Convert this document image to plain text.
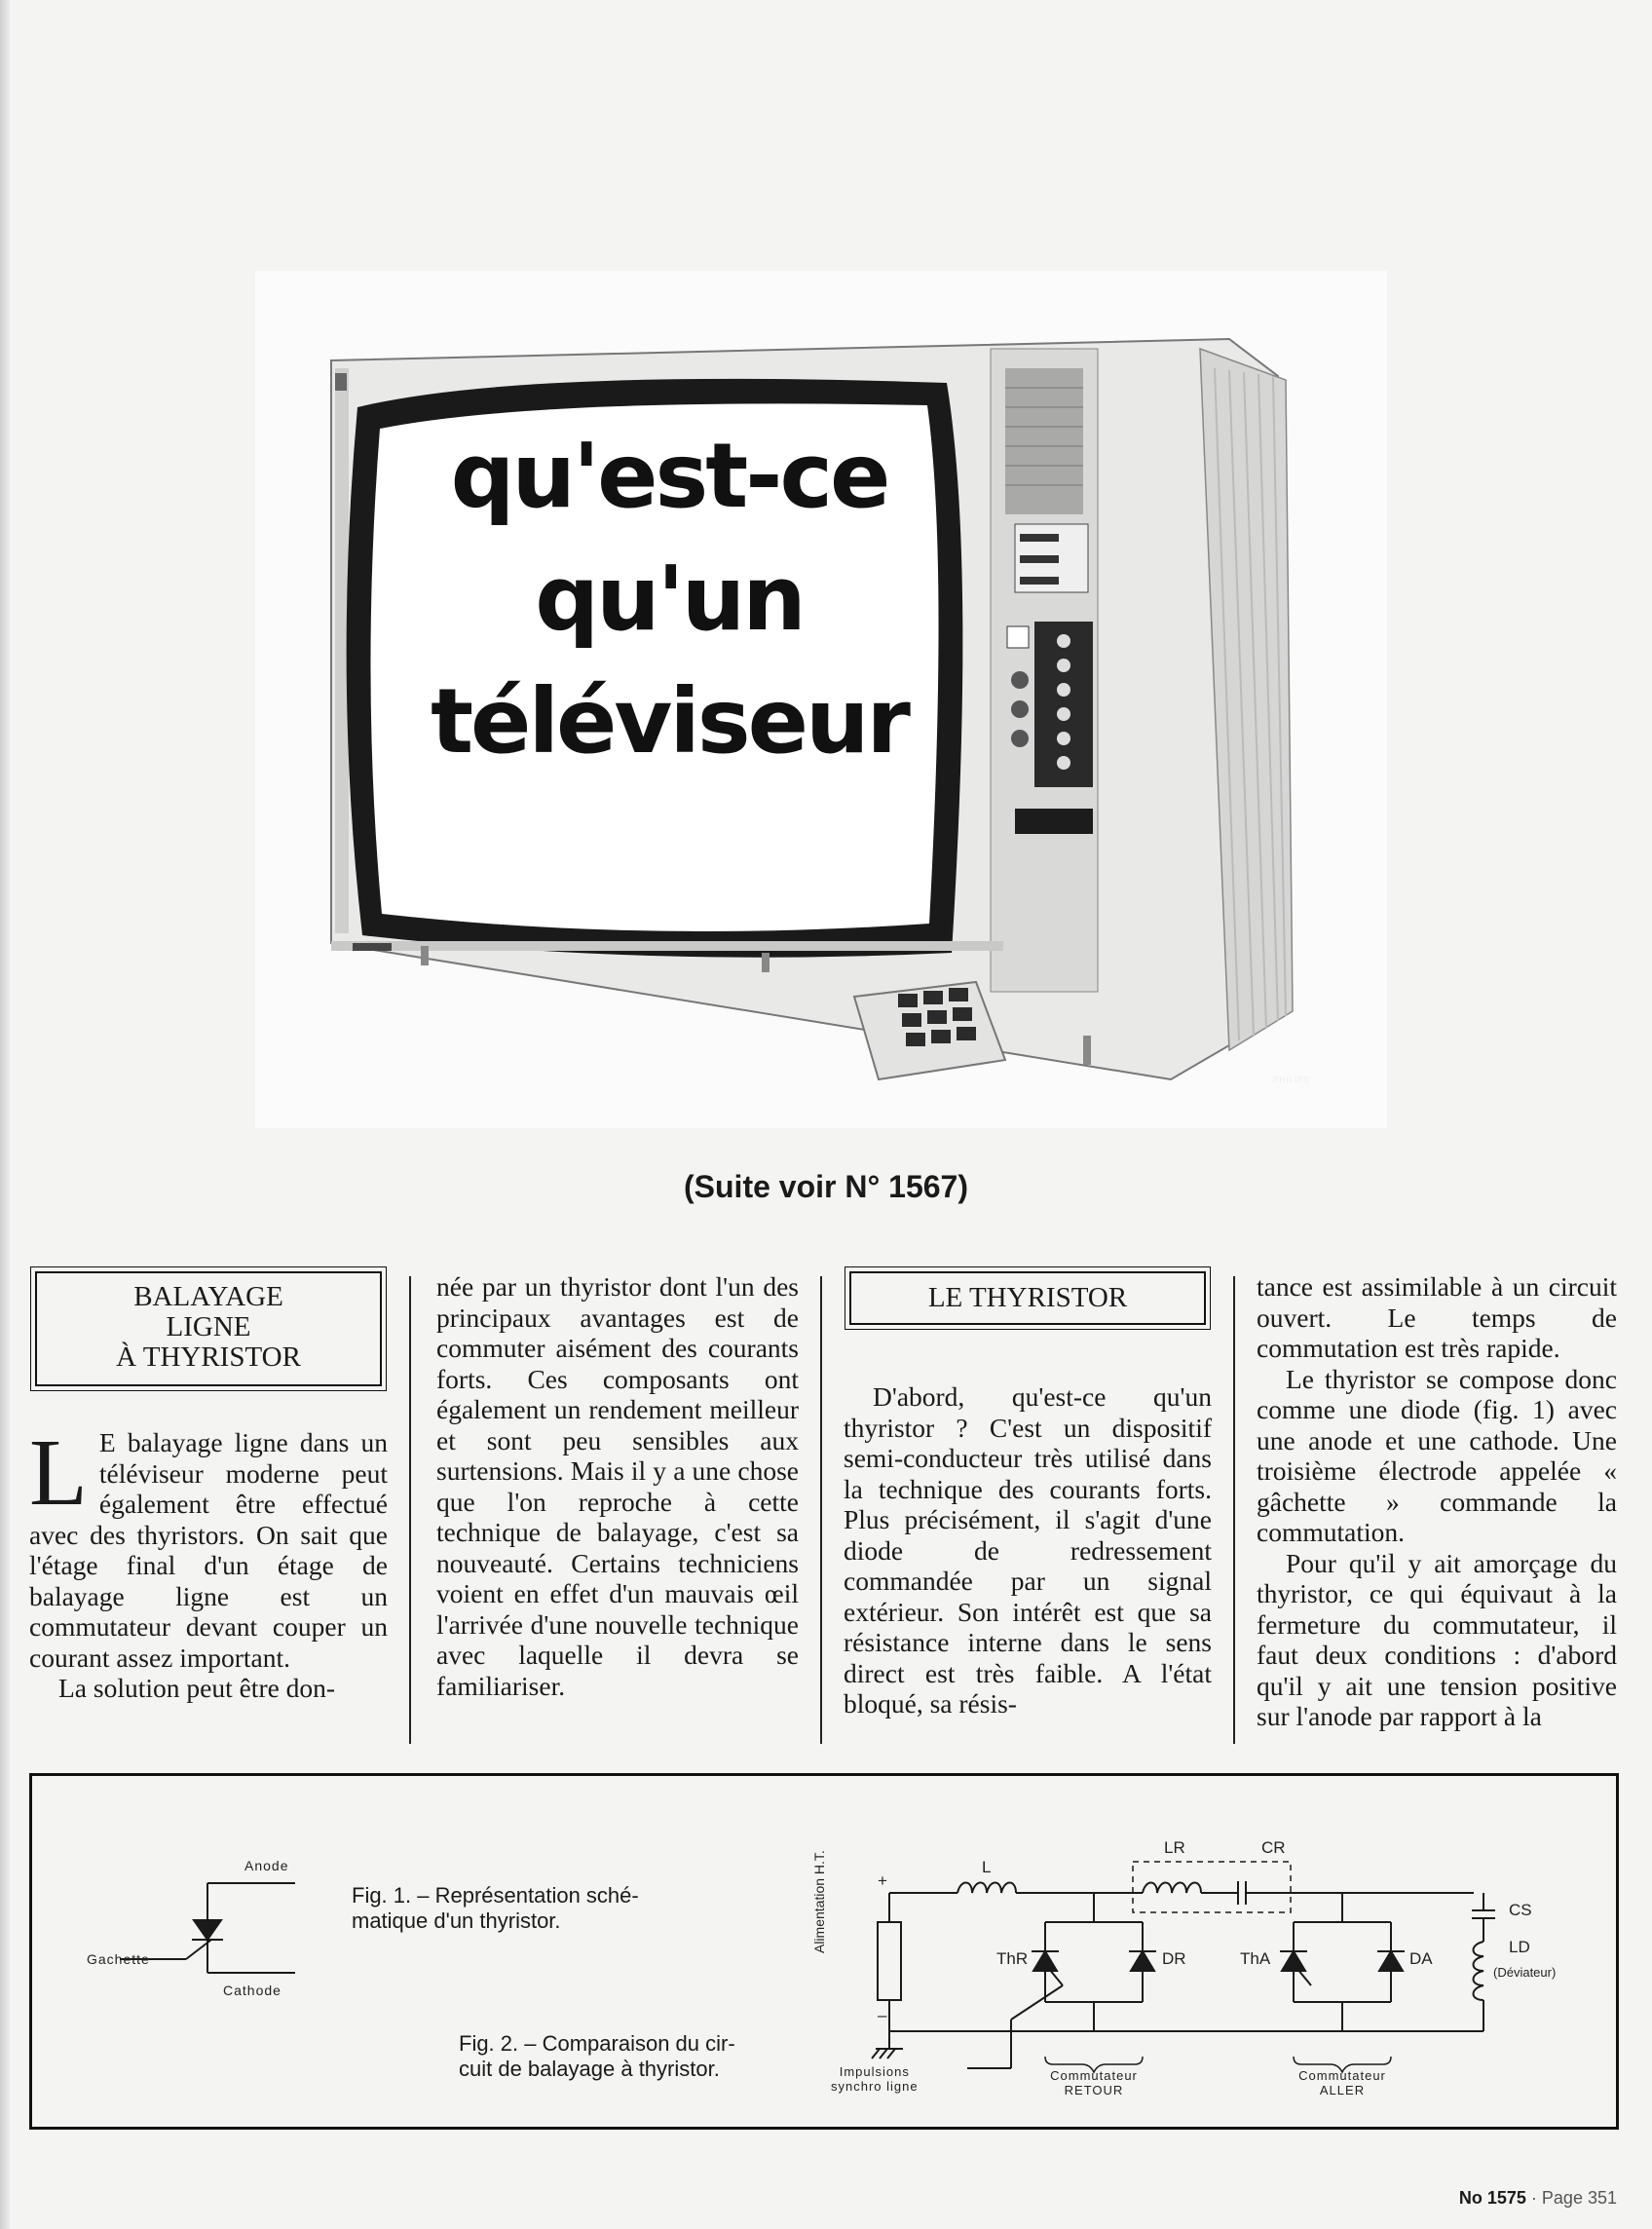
PHILIPS
qu'est-ce
qu'un
téléviseur
(Suite voir N° 1567)
BALAYAGE
LIGNE
À THYRISTOR

L E balayage ligne dans un téléviseur moderne peut également être effectué avec des thyristors. On sait que l'étage final d'un étage de balayage ligne est un commutateur devant couper un courant assez important.

La solution peut être don-

née par un thyristor dont l'un des principaux avantages est de commuter aisément des courants forts. Ces composants ont également un rendement meilleur et sont peu sensibles aux surtensions. Mais il y a une chose que l'on reproche à cette technique de balayage, c'est sa nouveauté. Certains techniciens voient en effet d'un mauvais œil l'arrivée d'une nouvelle technique avec laquelle il devra se familiariser.

LE THYRISTOR

D'abord, qu'est-ce qu'un thyristor ? C'est un dispositif semi-conducteur très utilisé dans la technique des courants forts. Plus précisément, il s'agit d'une diode de redressement commandée par un signal extérieur. Son intérêt est que sa résistance interne dans le sens direct est très faible. A l'état bloqué, sa résis-

tance est assimilable à un circuit ouvert. Le temps de commutation est très rapide.

Le thyristor se compose donc comme une diode (fig. 1) avec une anode et une cathode. Une troisième électrode appelée « gâchette » commande la commutation.

Pour qu'il y ait amorçage du thyristor, ce qui équivaut à la fermeture du commutateur, il faut deux conditions : d'abord qu'il y ait une tension positive sur l'anode par rapport à la

Anode
Gachette
Cathode
Fig. 1. – Représentation sché-
matique d'un thyristor.
Fig. 2. – Comparaison du cir-
cuit de balayage à thyristor.
Alimentation H.T.	+
–
L
LR	CR
ThR	DR	ThA	DA
CS
LD
(Déviateur)
Impulsions
synchro ligne
Commutateur
RETOUR
Commutateur
ALLER
No 1575 · Page 351
